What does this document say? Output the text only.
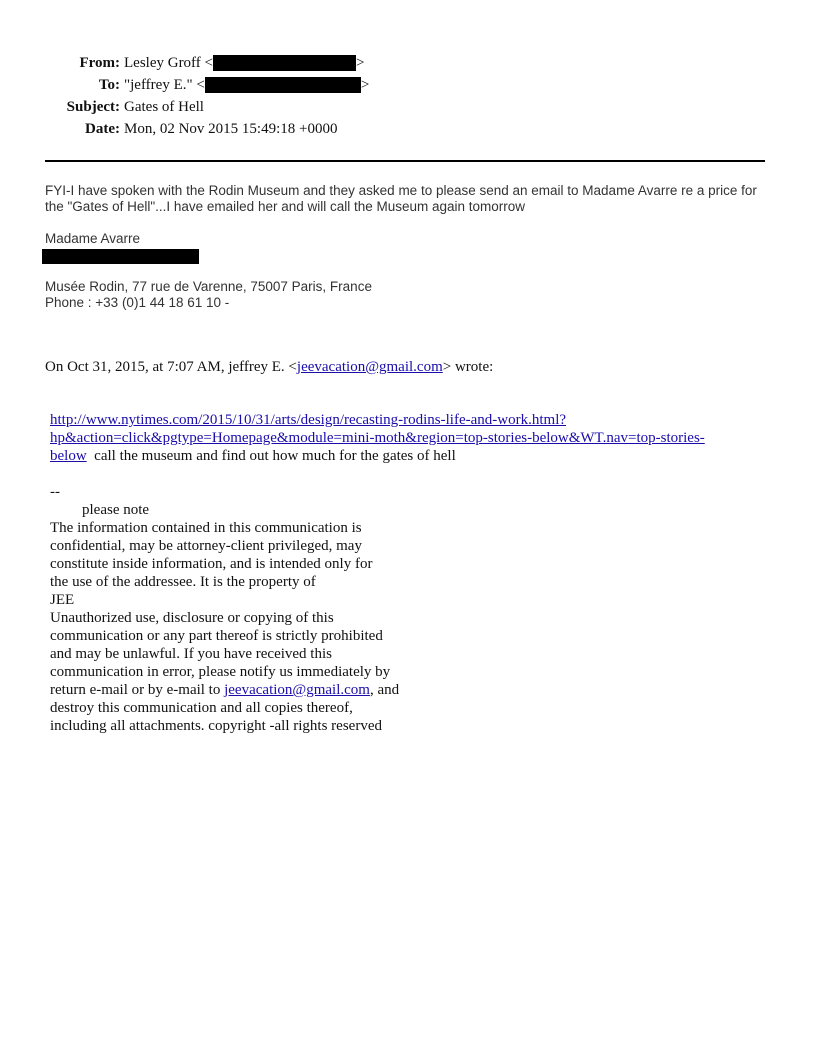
From: Lesley Groff <	>
To: "jeffrey E." <	>
Subject: Gates of Hell
Date: Mon, 02 Nov 2015 15:49:18 +0000
FYI-I have spoken with the Rodin Museum and they asked me to please send an email to Madame Avarre re a price for the "Gates of Hell"...I have emailed her and will call the Museum again tomorrow
Madame Avarre
Musée Rodin, 77 rue de Varenne, 75007 Paris, France
Phone : +33 (0)1 44 18 61 10 -
On Oct 31, 2015, at 7:07 AM, jeffrey E. <jeevacation@gmail.com> wrote:
http://www.nytimes.com/2015/10/31/arts/design/recasting-rodins-life-and-work.html?
hp&action=click&pgtype=Homepage&module=mini-moth&region=top-stories-below&WT.nav=top-stories-
below call the museum and find out how much for the gates of hell
--
please note
The information contained in this communication is
confidential, may be attorney-client privileged, may
constitute inside information, and is intended only for
the use of the addressee. It is the property of
JEE
Unauthorized use, disclosure or copying of this
communication or any part thereof is strictly prohibited
and may be unlawful. If you have received this
communication in error, please notify us immediately by
return e-mail or by e-mail to jeevacation@gmail.com, and
destroy this communication and all copies thereof,
including all attachments. copyright -all rights reserved
